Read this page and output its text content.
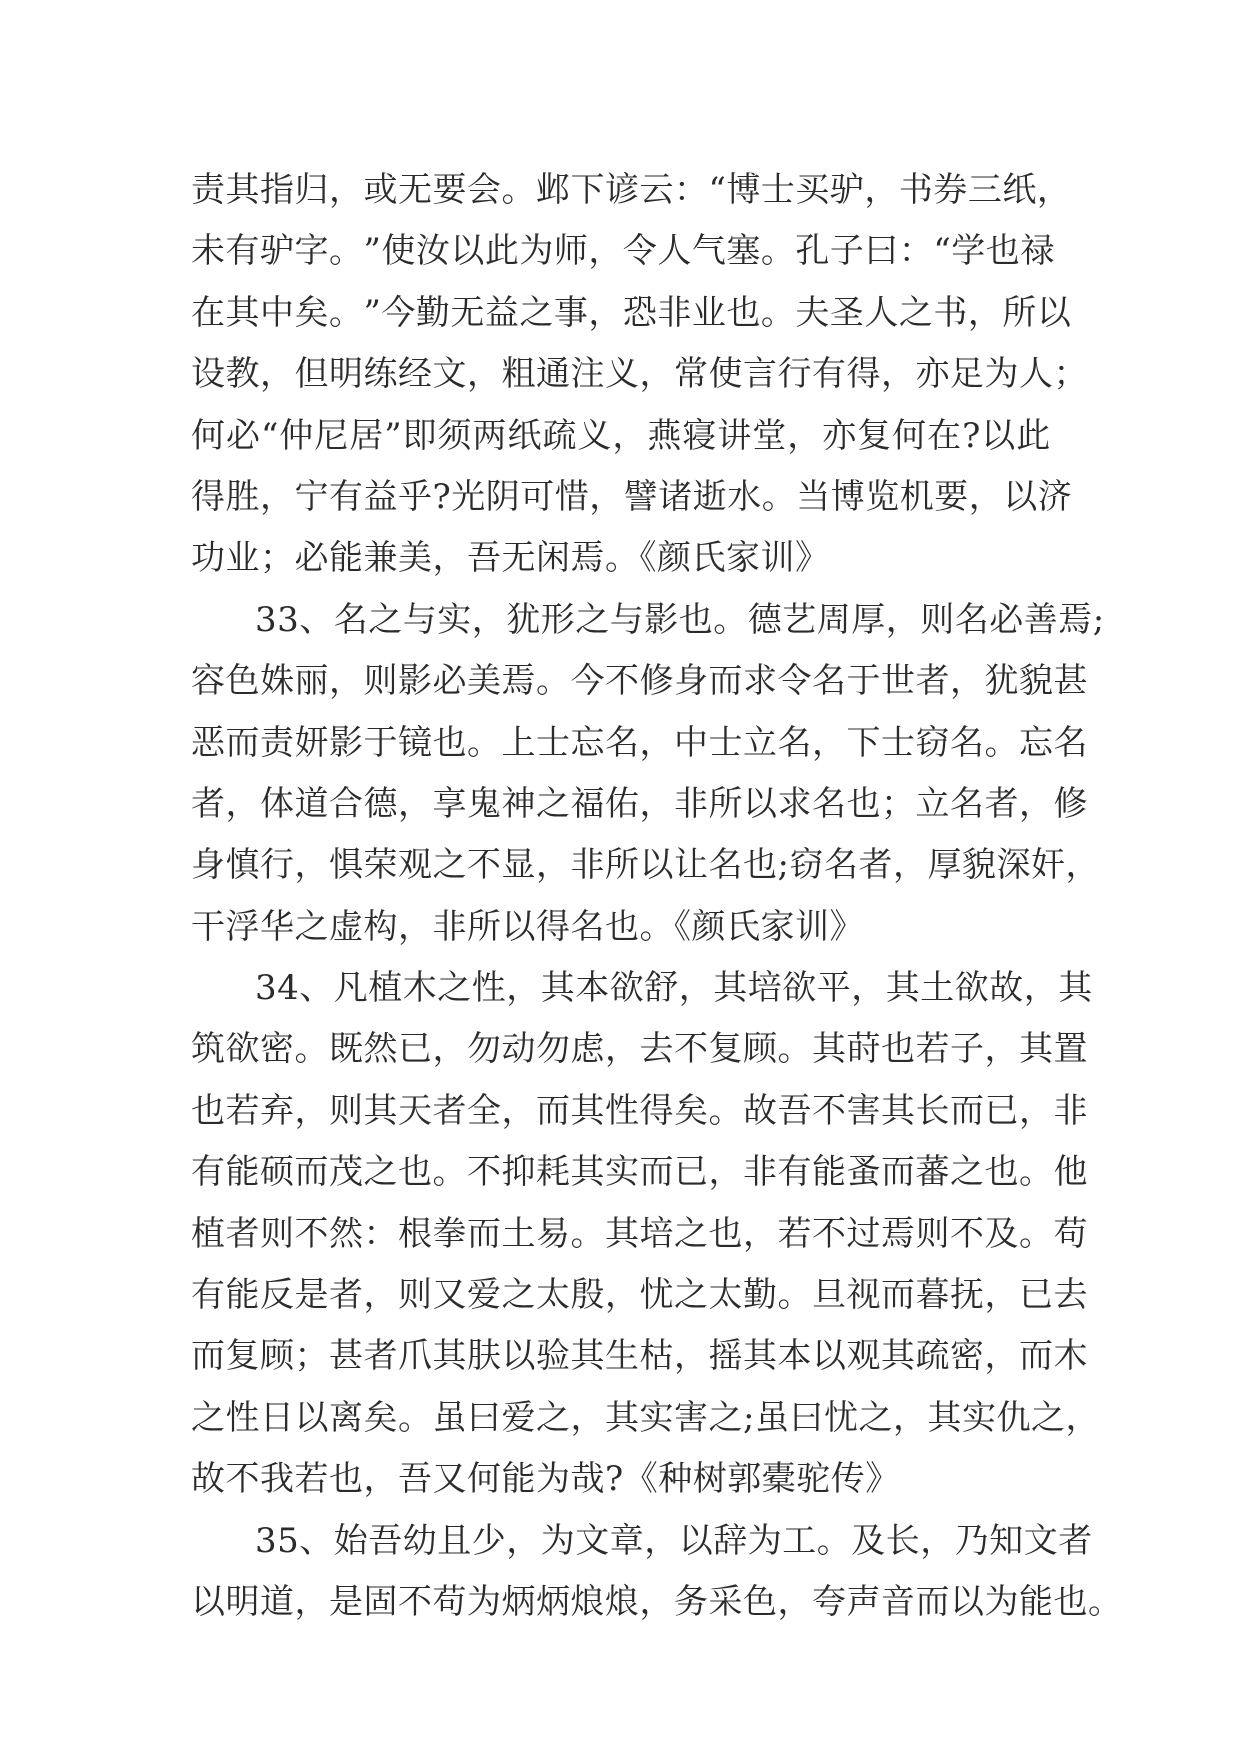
责 其 指 归 ， 或 无 要 会 。 邺 下 谚 云 ： “ 博 士 买 驴 ， 书 券 三 纸 ，
未 有 驴 字 。 ” 使 汝 以 此 为 师 ， 令 人 气 塞 。 孔 子 曰 ： “ 学 也 禄
在 其 中 矣 。 ” 今 勤 无 益 之 事 ， 恐 非 业 也 。 夫 圣 人 之 书 ， 所 以
设 教 ， 但 明 练 经 文 ， 粗 通 注 义 ， 常 使 言 行 有 得 ， 亦 足 为 人 ；
何 必 “ 仲 尼 居 ” 即 须 两 纸 疏 义 ， 燕 寝 讲 堂 ， 亦 复 何 在 ? 以 此
得 胜 ， 宁 有 益 乎 ? 光 阴 可 惜 ， 譬 诸 逝 水 。 当 博 览 机 要 ， 以 济
功业；必能兼美，吾无闲焉。《颜氏家训》
3 3 、 名 之 与 实 ， 犹 形 之 与 影 也 。 德 艺 周 厚 ， 则 名 必 善 焉 ;
容 色 姝 丽 ， 则 影 必 美 焉 。 今 不 修 身 而 求 令 名 于 世 者 ， 犹 貌 甚
恶 而 责 妍 影 于 镜 也 。 上 士 忘 名 ， 中 士 立 名 ， 下 士 窃 名 。 忘 名
者 ， 体 道 合 德 ， 享 鬼 神 之 福 佑 ， 非 所 以 求 名 也 ； 立 名 者 ， 修
身 慎 行 ， 惧 荣 观 之 不 显 ， 非 所 以 让 名 也 ; 窃 名 者 ， 厚 貌 深 奸 ，
干浮华之虚构，非所以得名也。《颜氏家训》
3 4 、 凡 植 木 之 性 ， 其 本 欲 舒 ， 其 培 欲 平 ， 其 土 欲 故 ， 其
筑 欲 密 。 既 然 已 ， 勿 动 勿 虑 ， 去 不 复 顾 。 其 莳 也 若 子 ， 其 置
也 若 弃 ， 则 其 天 者 全 ， 而 其 性 得 矣 。 故 吾 不 害 其 长 而 已 ， 非
有 能 硕 而 茂 之 也 。 不 抑 耗 其 实 而 已 ， 非 有 能 蚤 而 蕃 之 也 。 他
植 者 则 不 然 ： 根 拳 而 土 易 。 其 培 之 也 ， 若 不 过 焉 则 不 及 。 苟
有 能 反 是 者 ， 则 又 爱 之 太 殷 ， 忧 之 太 勤 。 旦 视 而 暮 抚 ， 已 去
而 复 顾 ； 甚 者 爪 其 肤 以 验 其 生 枯 ， 摇 其 本 以 观 其 疏 密 ， 而 木
之 性 日 以 离 矣 。 虽 曰 爱 之 ， 其 实 害 之 ; 虽 曰 忧 之 ， 其 实 仇 之 ，
故不我若也，吾又何能为哉?《种树郭橐驼传》
3 5 、 始 吾 幼 且 少 ， 为 文 章 ， 以 辞 为 工 。 及 长 ， 乃 知 文 者
以 明 道 ， 是 固 不 苟 为 炳 炳 烺 烺 ， 务 采 色 ， 夸 声 音 而 以 为 能 也 。
